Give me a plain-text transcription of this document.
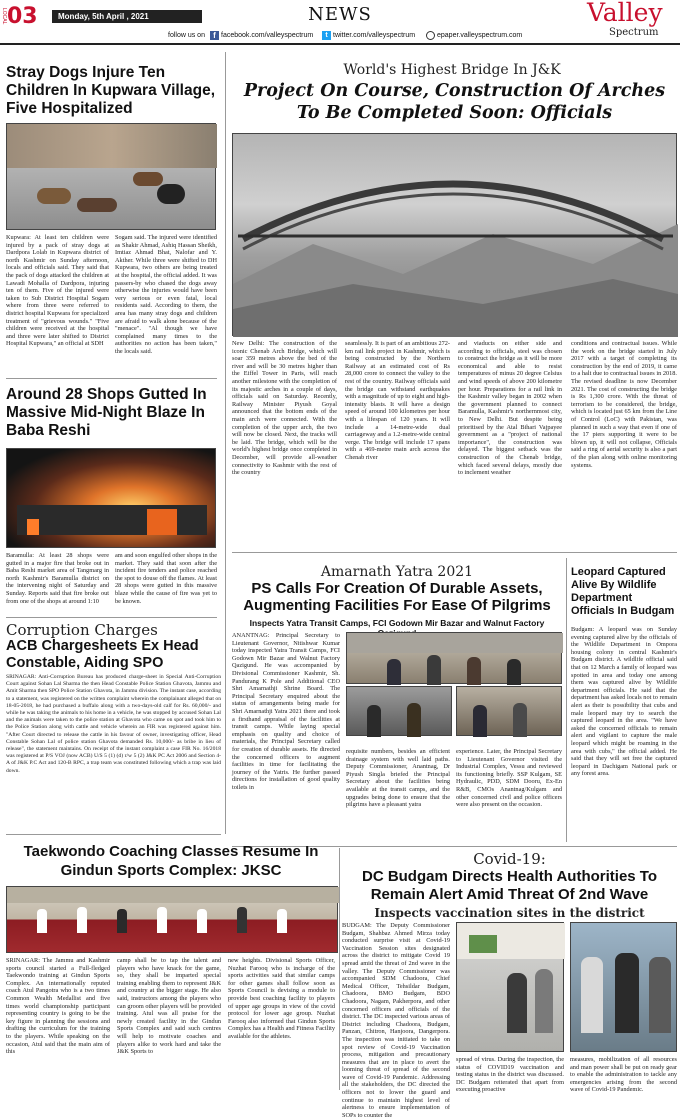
LOCAL 03	Monday, 5th April , 2021	NEWS
follow us on	f facebook.com/valleyspectrum	t twitter.com/valleyspectrum	epaper.valleyspectrum.com
Valley
Spectrum
Stray Dogs Injure Ten Children In Kupwara Village, Five Hospitalized
Kupwara: At least ten children were injured by a pack of stray dogs at Dardpora Lolab in Kupwara district of north Kashmir on Sunday afternoon, locals and officials said. They said that the pack of dogs attacked the children at Lawadi Mohalla of Dardpora, injuring ten of them. Five of the injured were taken to Sub District Hospital Sogam where from three were referred to district hospital Kupwara for specialized treatment of "grievous wounds." "Five children were received at the hospital and three were later shifted to District Hospital Kupwara," an official at SDH
Sogam said. The injured were identified as Shakir Ahmad, Ashiq Hassan Sheikh, Imtiaz Ahmad Bhat, Nalofar and Y. Akther. While three were shifted to DH Kupwara, two others are being treated at the hospital, the official added. It was passers-by who chased the dogs away otherwise the injuries would have been very serious or even fatal, local residents said. According to them, the area has many stray dogs and children are afraid to walk alone because of the "menace". "Al though we have complained many times to the authorities no action has been taken," the locals said.
World's Highest Bridge In J&K
Project On Course, Construction Of Arches To Be Completed Soon: Officials
New Delhi: The construction of the iconic Chenab Arch Bridge, which will soar 359 metres above the bed of the river and will be 30 metres higher than the Eiffel Tower in Paris, will reach another milestone with the completion of its majestic arches in a couple of days, officials said on Saturday. Recently, Railway Minister Piyush Goyal announced that the bottom ends of the main arch were connected. With the completion of the upper arch, the two will now be closed. Next, the tracks will be laid. The bridge, which will be the world's highest bridge once completed in December, will provide all-weather connectivity to Kashmir with the rest of the country
seamlessly. It is part of an ambitious 272-km rail link project in Kashmir, which is being constructed by the Northern Railway at an estimated cost of Rs 28,000 crore to connect the valley to the rest of the country. Railway officials said the bridge can withstand earthquakes with a magnitude of up to eight and high-intensity blasts. It will have a design speed of around 100 kilometres per hour with a lifespan of 120 years. It will include a 14-metre-wide dual carriageway and a 1.2-metre-wide central verge. The bridge will include 17 spans with a 469-metre main arch across the Chenab river
and viaducts on either side and according to officials, steel was chosen to construct the bridge as it will be more economical and able to resist temperatures of minus 20 degree Celsius and wind speeds of above 200 kilometre per hour. Preparations for a rail link in the Kashmir valley began in 2002 when the government planned to connect Baramulla, Kashmir's northernmost city, to New Delhi. But despite being prioritised by the Atal Bihari Vajpayee government as a "project of national importance", the construction was delayed. The biggest setback was the construction of the Chenab bridge, which faced several delays, mostly due to inclement weather
conditions and contractual issues. While the work on the bridge started in July 2017 with a target of completing its construction by the end of 2019, it came to a halt due to contractual issues in 2018. The revised deadline is now December 2021. The cost of constructing the bridge is Rs 1,300 crore. With the threat of terrorism to be considered, the bridge, which is located just 65 km from the Line of Control (LoC) with Pakistan, was planned in such a way that even if one of the 17 piers supporting it were to be blown up, it will not collapse, Officials said a ring of aerial security is also a part of the plan along with online monitoring systems.
Around 28 Shops Gutted In Massive Mid-Night Blaze In Baba Reshi
Baramulla: At least 28 shops were gutted in a major fire that broke out in Baba Reshi market area of Tangmarg in north Kashmir's Baramulla district on the intervening night of Saturday and Sunday. Reports said that fire broke out from one of the shops at around 1:10
am and soon engulfed other shops in the market. They said that soon after the incident fire tenders and police reached the spot to douse off the flames. At least 28 shops were gutted in this massive blaze while the cause of fire was yet to be known.
Corruption Charges
ACB Chargesheets Ex Head Constable, Aiding SPO
SRINAGAR: Anti-Corruption Bureau has produced charge-sheet in Special Anti-Corruption Court against Sohan Lal Sharma the then Head Constable Police Station Ghavota, Jammu and Amit Sharma then SPO Police Station Ghavota, in Jammu division. The instant case, according to a statement, was registered on the written complaint wherein the complainant alleged that on 18-05-2018, he had purchased a buffalo along with a two-days-old calf for Rs. 60,000/- and while he was taking the animals to his home in a vehicle, he was stopped by accused Sohan Lal and the animals were taken to the police station at Ghavota who came on spot and took him to the Police Station along with cattle and vehicle wherein an FIR was registered against him. "After Court directed to release the cattle in his favour of owner, investigating officer, Head Constable Sohan Lal of police station Ghavota demanded Rs. 10,000/- as bribe in lieu of release", the statement maintains. On receipt of the instant complaint a case FIR No. 16/2018 was registered at P/S VOJ (now ACB) U/S 5 (1) (d) r/w 5 (2) J&K PC Act 2006 and Section 4-A of J&K P.C Act and 120-B RPC, a trap team was constituted following which a trap was laid down.
Amarnath Yatra 2021
PS Calls For Creation Of Durable Assets, Augmenting Facilities For Ease Of Pilgrims
Inspects Yatra Transit Camps, FCI Godown Mir Bazar and Walnut Factory
ANANTNAG: Principal Secretary to Lieutenant Governor, Nitishwar Kumar today inspected Yatra Transit Camps, FCI Godown Mir Bazar and Walnut Factory Qazigund. He was accompanied by Divisional Commissioner Kashmir, Sh. Pandurang K Pole and Additional CEO Shri Amarnathji Shrine Board. The Principal Secretary enquired about the status of arrangements being made for Shri Amarnathji Yatra 2021 there and took a firsthand appraisal of the facilities at transit camps. While laying special emphasis on quality and choice of materials, the Principal Secretary called for creation of durable assets. He directed the concerned officers to augment facilities in time for facilitating the journey of the Yatris. He further passed directions for installation of good quality toilets in
requisite numbers, besides an efficient drainage system with well laid paths. Deputy Commissioner, Anantnag, Dr Piyush Singla briefed the Principal Secretary about the facilities being available at the transit camps, and the upgrades being done to ensure that the pilgrims have a pleasant yatra
experience. Later, the Principal Secretary to Lieutenant Governor visited the Industrial Complex, Vessu and reviewed its functioning briefly. SSP Kulgam, SE Hydraulic, PDD, SDM Dooru, Ex-En R&B, CMOs Anantnag/Kulgam and other concerned civil and police officers were also present on the occasion.
Leopard Captured Alive By Wildlife Department Officials In Budgam
Budgam: A leopard was on Sunday evening captured alive by the officials of the Wildlife Department in Ompora housing colony in central Kashmir's Budgam district. A wildlife official said that on 12 March a family of leopard was spotted in area and today one among them was captured alive by Wildlife department officials. He said that the department has asked locals not to remain alert as their is possibility that cubs and male leopard may try to search the captured leopard in the area. "We have asked the concerned officials to remain alert and vigilant to capture the male leopard which might be roaming in the area with cubs," the official added. He said that they will set free the captured leopard in Dachigam National park or any forest area.
Taekwondo Coaching Classes Resume In Gindun Sports Complex: JKSC
SRINAGAR: The Jammu and Kashmir sports council started a Full-fledged Taekwondo training at Gindun Sports Complex. An internationally reputed coach Atul Pangotra who is a two times Common Wealth Medallist and five times world championship participant representing country is going to be the key figure in planning the sessions and drafting the curriculum for the training to the players. While speaking on the occasion, Atul said that the main aim of this
camp shall be to tap the talent and players who have knack for the game, so, they shall be imparted special training enabling them to represent J&K and country at the bigger stage. He also said, instructors among the players who can groom other players will be provided training. Atul was all praise for the newly created facility in the Gindun Sports Complex and said such centres will help to motivate coaches and players alike to work hard and take the J&K Sports to
new heights. Divisional Sports Officer, Nuzhat Farooq who is incharge of the sports activities said that similar camps for other games shall follow soon as Sports Council is devising a module to provide best coaching facility to players of upper age groups in view of the covid protocol for lower age group. Nuzhat Farooq also informed that Gindun Sports Complex has a Health and Fitness Facility available for the athletes.
Covid-19:
DC Budgam Directs Health Authorities To Remain Alert Amid Threat Of 2nd Wave
Inspects vaccination sites in the district
BUDGAM: The Deputy Commissioner Budgam, Shahbaz Ahmed Mirza today conducted surprise visit at Covid-19 Vaccination Session sites designated across the district to mitigate Covid 19 spread amid the threat of 2nd wave in the valley. The Deputy Commissioner was accompanied SDM Chadoora, Chief Medical Officer, Tehsildar Budgam, Chadoora, BMO Budgam, BDO Chadoora, Nagam, Pakherpora, and other concerned officers and officials of the district. The DC inspected various areas of District including Chadoora, Budgam, Panzan, Chitron, Hanjoora, Dangerpora. The inspection was initiated to take on spot review of Covid-19 Vaccination process, mitigation and precautionary measures that are in place to avert the looming threat of spread of the second wave of Covid-19 Pandemic. Addressing all the stakeholders, the DC directed the officers not to lower the guard and continue to maintain highest level of alertness to ensure implementation of SOPs to counter the
spread of virus. During the inspection, the status of COVID19 vaccination and testing status in the district was discussed. DC Budgam reiterated that apart from executing proactive
measures, mobilization of all resources and man power shall be put on ready gear to enable the administration to tackle any emergencies arising from the second wave of Covid-19 Pandemic.
